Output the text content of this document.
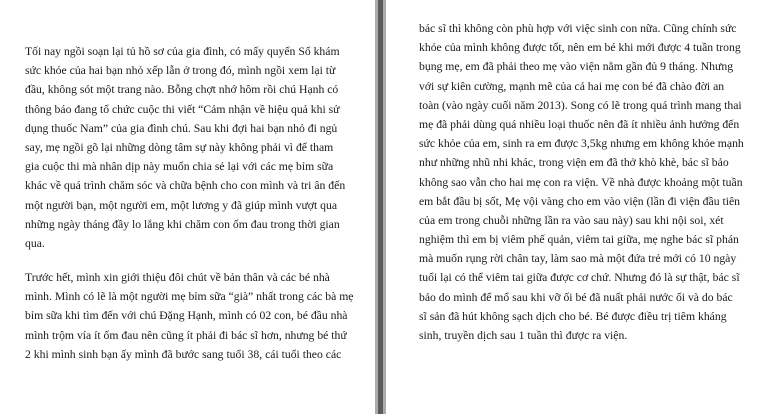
Tối nay ngồi soạn lại tủ hồ sơ của gia đình, có mấy quyển Sổ khám
sức khỏe của hai bạn nhỏ xếp lẫn ở trong đó, mình ngồi xem lại từ
đầu, không sót một trang nào. Bỗng chợt nhớ hôm rồi chú Hạnh có
thông báo đang tổ chức cuộc thi viết “Cảm nhận về hiệu quả khi sử
dụng thuốc Nam” của gia đình chú. Sau khi đợi hai bạn nhỏ đi ngủ
say, mẹ ngồi gõ lại những dòng tâm sự này không phải vì để tham
gia cuộc thi mà nhân dịp này muốn chia sẻ lại với các mẹ bỉm sữa
khác về quá trình chăm sóc và chữa bệnh cho con mình và tri ân đến
một người bạn, một người em, một lương y đã giúp mình vượt qua
những ngày tháng đầy lo lắng khi chăm con ốm đau trong thời gian
qua.
Trước hết, mình xin giới thiệu đôi chút về bản thân và các bé nhà
mình. Mình có lẽ là một người mẹ bỉm sữa “già” nhất trong các bà mẹ
bỉm sữa khi tìm đến với chú Đặng Hạnh, mình có 02 con, bé đầu nhà
mình trộm vía ít ốm đau nên cũng ít phải đi bác sĩ hơn, nhưng bé thứ
2 khi mình sinh bạn ấy mình đã bước sang tuổi 38, cái tuổi theo các
bác sĩ thì không còn phù hợp với việc sinh con nữa. Cũng chính sức
khỏe của mình không được tốt, nên em bé khi mới được 4 tuần trong
bụng mẹ, em đã phải theo mẹ vào viện nằm gần đủ 9 tháng. Nhưng
với sự kiên cường, mạnh mẽ của cả hai mẹ con bé đã chào đời an
toàn (vào ngày cuối năm 2013). Song có lẽ trong quá trình mang thai
mẹ đã phải dùng quá nhiều loại thuốc nên đã ít nhiều ảnh hưởng đến
sức khỏe của em, sinh ra em được 3,5kg nhưng em không khỏe mạnh
như những nhũ nhi khác, trong viện em đã thở khò khè, bác sĩ bảo
không sao vẫn cho hai mẹ con ra viện. Về nhà được khoảng một tuần
em bắt đầu bị sốt, Mẹ vội vàng cho em vào viện (lần đi viện đầu tiên
của em trong chuỗi những lần ra vào sau này) sau khi nội soi, xét
nghiệm thì em bị viêm phế quản, viêm tai giữa, mẹ nghe bác sĩ phán
mà muốn rụng rời chân tay, làm sao mà một đứa trẻ mới có 10 ngày
tuổi lại có thể viêm tai giữa được cơ chứ. Nhưng đó là sự thật, bác sĩ
bảo do mình để mổ sau khi vỡ ối bé đã nuất phải nước ối và do bác
sĩ sản đã hút không sạch dịch cho bé. Bé được điều trị tiêm kháng
sinh, truyền dịch sau 1 tuần thì được ra viện.
